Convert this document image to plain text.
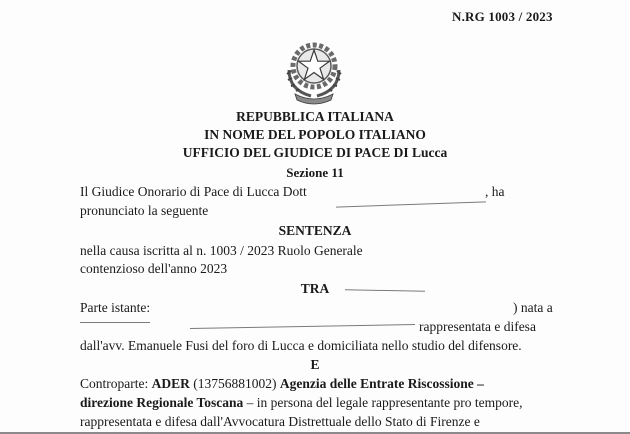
N.RG 1003 / 2023
REPUBBLICA ITALIANA
IN NOME DEL POPOLO ITALIANO
UFFICIO DEL GIUDICE DI PACE DI Lucca
Sezione 11
Il Giudice Onorario di Pace di Lucca Dott	, ha
pronunciato la seguente
SENTENZA
nella causa iscritta al n. 1003 / 2023 Ruolo Generale
contenzioso dell'anno 2023
TRA
Parte istante:	) nata a
rappresentata e difesa
dall'avv. Emanuele Fusi del foro di Lucca e domiciliata nello studio del difensore.
E
Controparte: ADER (13756881002) Agenzia delle Entrate Riscossione –
direzione Regionale Toscana – in persona del legale rappresentante pro tempore,
rappresentata e difesa dall'Avvocatura Distrettuale dello Stato di Firenze e
